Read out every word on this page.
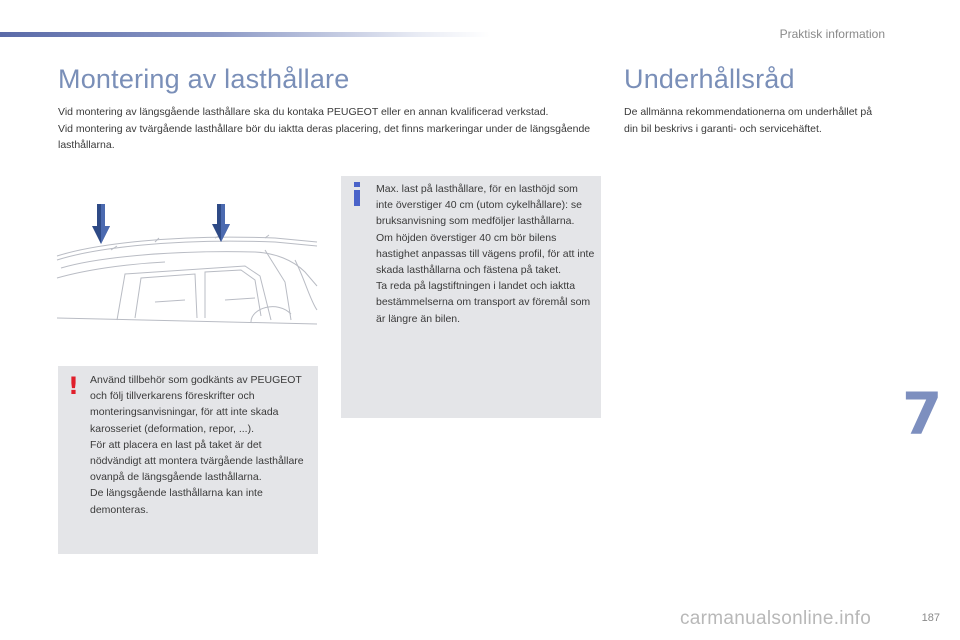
Praktisk information
Montering av lasthållare	Underhållsråd

Vid montering av längsgående lasthållare ska du kontaka PEUGEOT eller en annan kvalificerad verkstad.

Vid montering av tvärgående lasthållare bör du iaktta deras placering, det finns markeringar under de längsgående lasthållarna.

De allmänna rekommendationerna om underhållet på din bil beskrivs i garanti- och servicehäftet.

! Använd tillbehör som godkänts av PEUGEOT och följ tillverkarens föreskrifter och monteringsanvisningar, för att inte skada karosseriet (deformation, repor, ...).

För att placera en last på taket är det nödvändigt att montera tvärgående lasthållare ovanpå de längsgående lasthållarna.

De längsgående lasthållarna kan inte demonteras.

Max. last på lasthållare, för en lasthöjd som inte överstiger 40 cm (utom cykelhållare): se bruksanvisning som medföljer lasthållarna.

Om höjden överstiger 40 cm bör bilens hastighet anpassas till vägens profil, för att inte skada lasthållarna och fästena på taket.

Ta reda på lagstiftningen i landet och iaktta bestämmelserna om transport av föremål som är längre än bilen.

7
carmanualsonline.info	187
